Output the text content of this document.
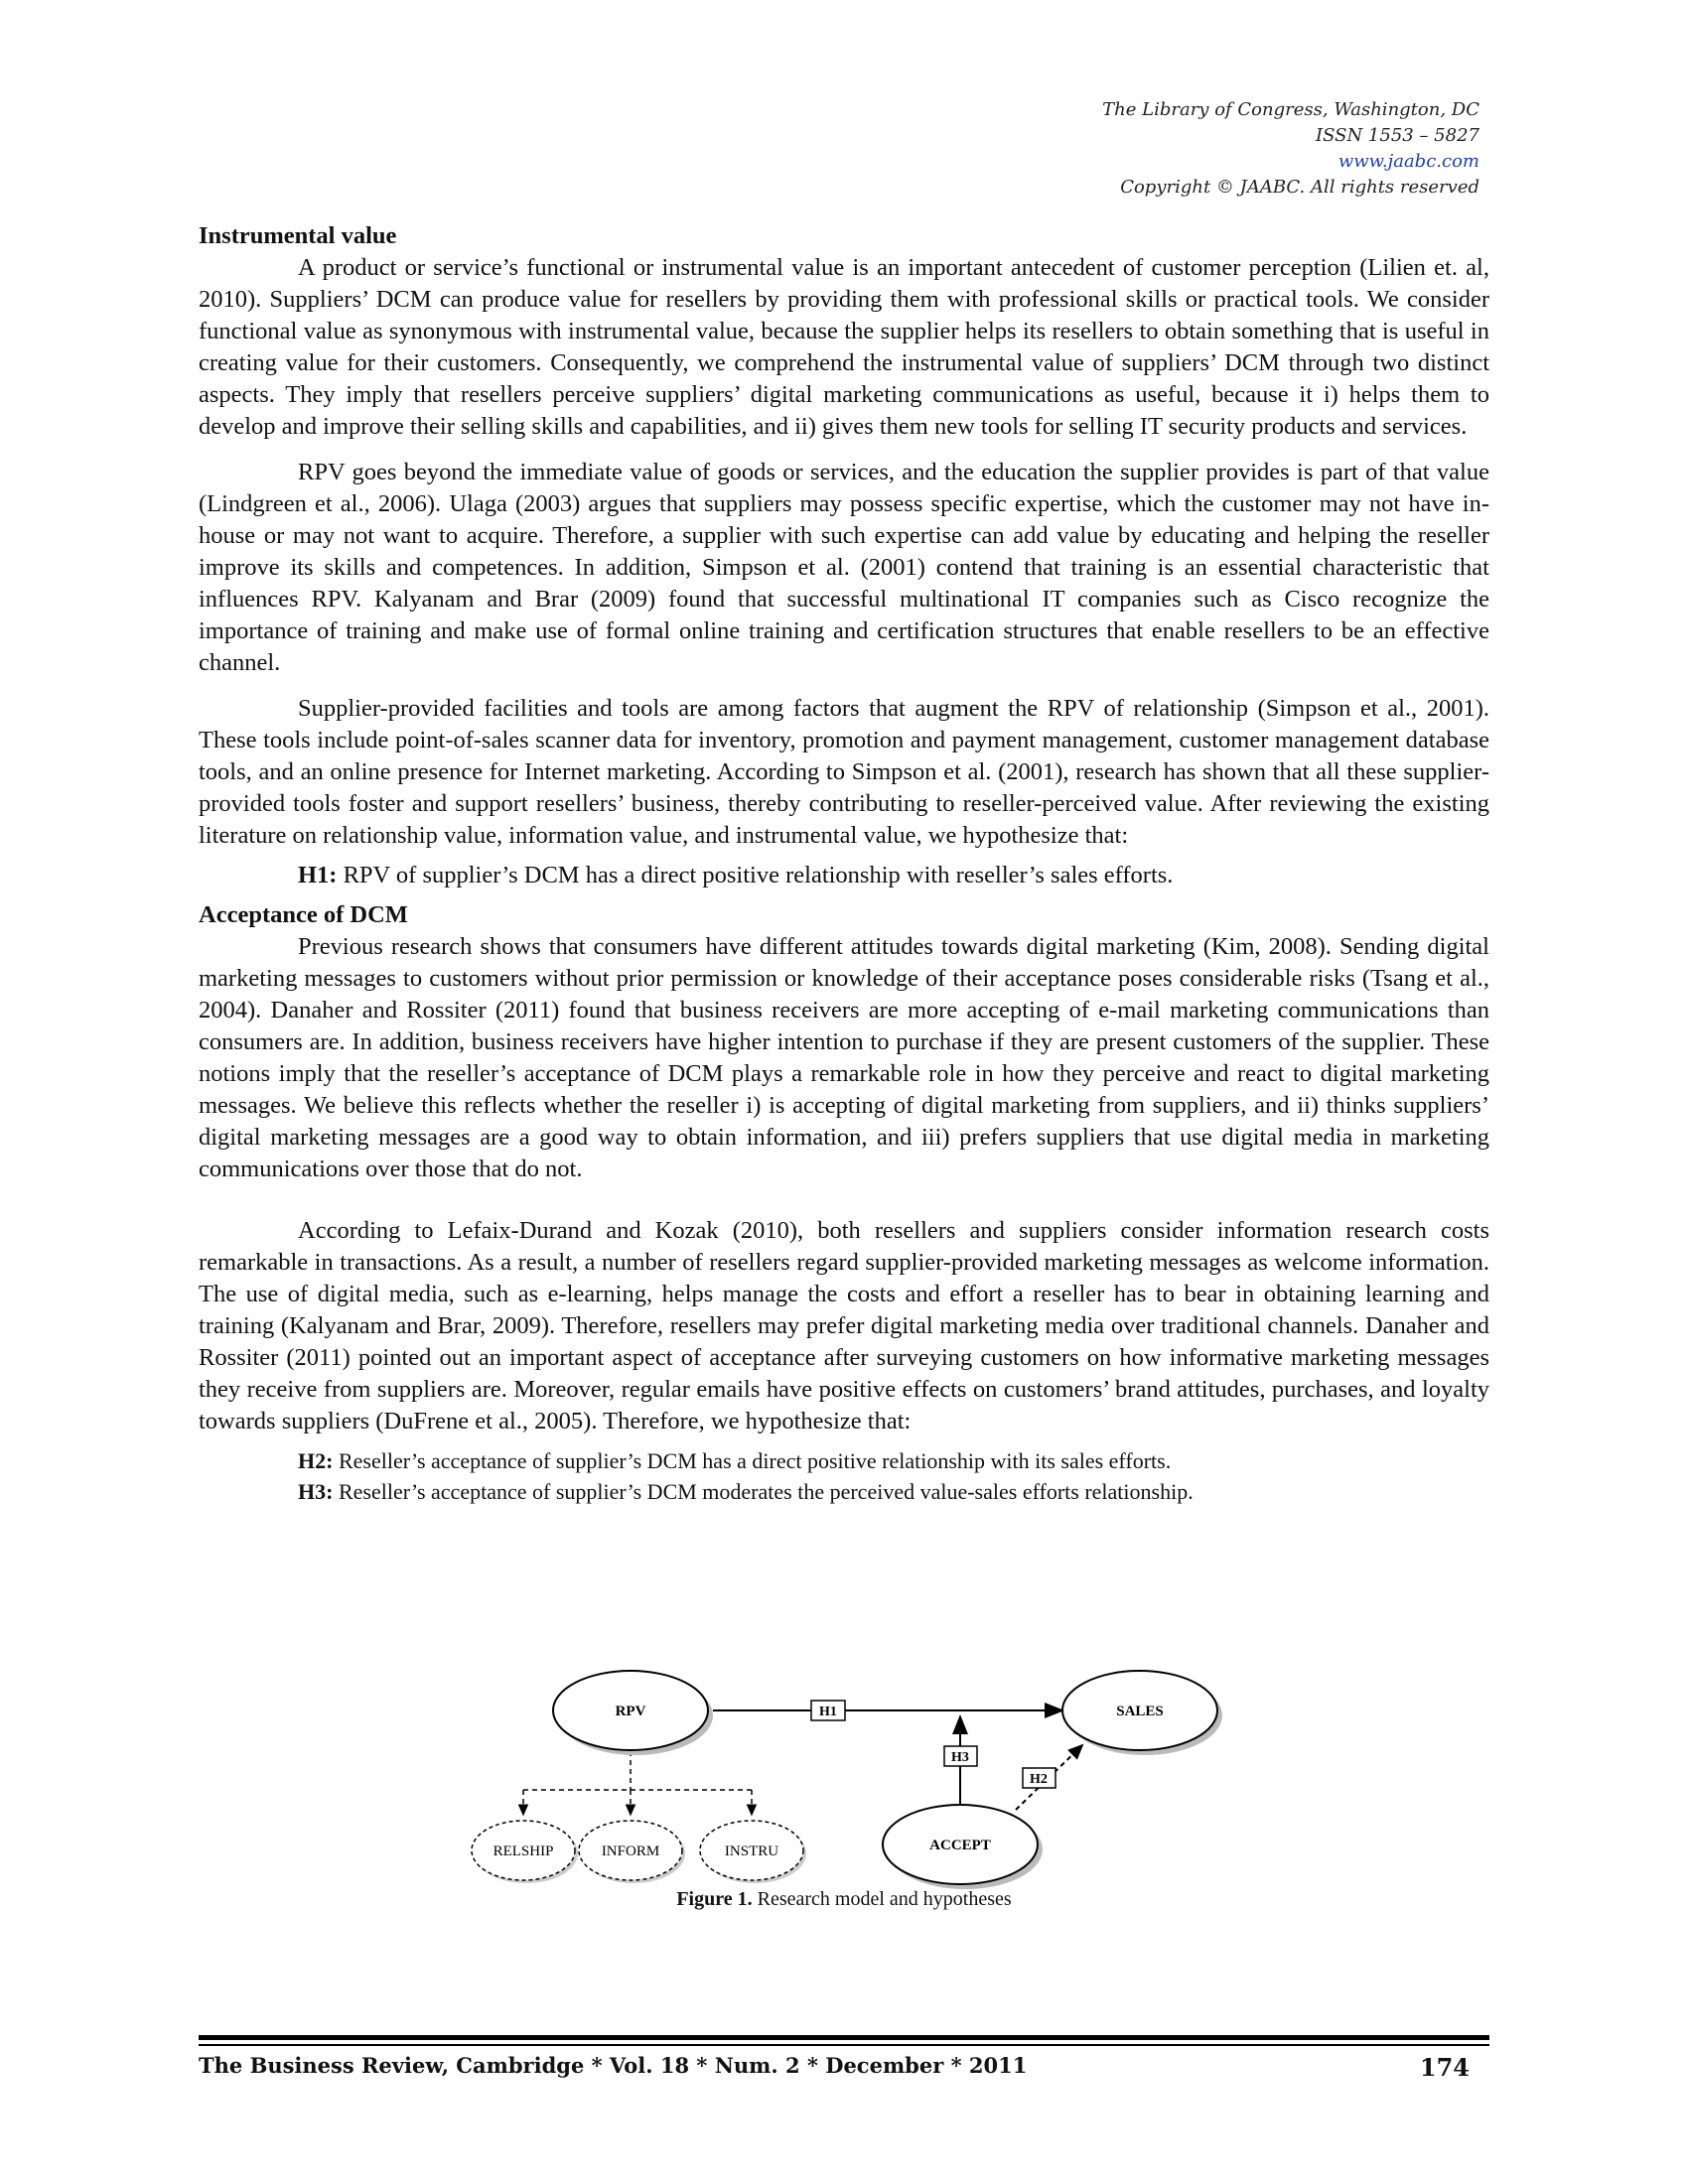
The Library of Congress, Washington, DC
ISSN 1553 – 5827
www.jaabc.com
Copyright © JAABC. All rights reserved

Instrumental value

A product or service’s functional or instrumental value is an important antecedent of customer perception (Lilien et. al, 2010). Suppliers’ DCM can produce value for resellers by providing them with professional skills or practical tools. We consider functional value as synonymous with instrumental value, because the supplier helps its resellers to obtain something that is useful in creating value for their customers. Consequently, we comprehend the instrumental value of suppliers’ DCM through two distinct aspects. They imply that resellers perceive suppliers’ digital marketing communications as useful, because it i) helps them to develop and improve their selling skills and capabilities, and ii) gives them new tools for selling IT security products and services.

RPV goes beyond the immediate value of goods or services, and the education the supplier provides is part of that value (Lindgreen et al., 2006). Ulaga (2003) argues that suppliers may possess specific expertise, which the customer may not have in-house or may not want to acquire. Therefore, a supplier with such expertise can add value by educating and helping the reseller improve its skills and competences. In addition, Simpson et al. (2001) contend that training is an essential characteristic that influences RPV. Kalyanam and Brar (2009) found that successful multinational IT companies such as Cisco recognize the importance of training and make use of formal online training and certification structures that enable resellers to be an effective channel.

Supplier-provided facilities and tools are among factors that augment the RPV of relationship (Simpson et al., 2001). These tools include point-of-sales scanner data for inventory, promotion and payment management, customer management database tools, and an online presence for Internet marketing. According to Simpson et al. (2001), research has shown that all these supplier-provided tools foster and support resellers’ business, thereby contributing to reseller-perceived value. After reviewing the existing literature on relationship value, information value, and instrumental value, we hypothesize that:

H1: RPV of supplier’s DCM has a direct positive relationship with reseller’s sales efforts.

Acceptance of DCM

Previous research shows that consumers have different attitudes towards digital marketing (Kim, 2008). Sending digital marketing messages to customers without prior permission or knowledge of their acceptance poses considerable risks (Tsang et al., 2004). Danaher and Rossiter (2011) found that business receivers are more accepting of e-mail marketing communications than consumers are. In addition, business receivers have higher intention to purchase if they are present customers of the supplier. These notions imply that the reseller’s acceptance of DCM plays a remarkable role in how they perceive and react to digital marketing messages. We believe this reflects whether the reseller i) is accepting of digital marketing from suppliers, and ii) thinks suppliers’ digital marketing messages are a good way to obtain information, and iii) prefers suppliers that use digital media in marketing communications over those that do not.

According to Lefaix-Durand and Kozak (2010), both resellers and suppliers consider information research costs remarkable in transactions. As a result, a number of resellers regard supplier-provided marketing messages as welcome information. The use of digital media, such as e-learning, helps manage the costs and effort a reseller has to bear in obtaining learning and training (Kalyanam and Brar, 2009). Therefore, resellers may prefer digital marketing media over traditional channels. Danaher and Rossiter (2011) pointed out an important aspect of acceptance after surveying customers on how informative marketing messages they receive from suppliers are. Moreover, regular emails have positive effects on customers’ brand attitudes, purchases, and loyalty towards suppliers (DuFrene et al., 2005). Therefore, we hypothesize that:

H2: Reseller’s acceptance of supplier’s DCM has a direct positive relationship with its sales efforts.

H3: Reseller’s acceptance of supplier’s DCM moderates the perceived value-sales efforts relationship.

H1
H3
H2
RPV	SALES
ACCEPT
RELSHIP	INFORM	INSTRU
Figure 1. Research model and hypotheses
The Business Review, Cambridge * Vol. 18 * Num. 2 * December * 2011	174
